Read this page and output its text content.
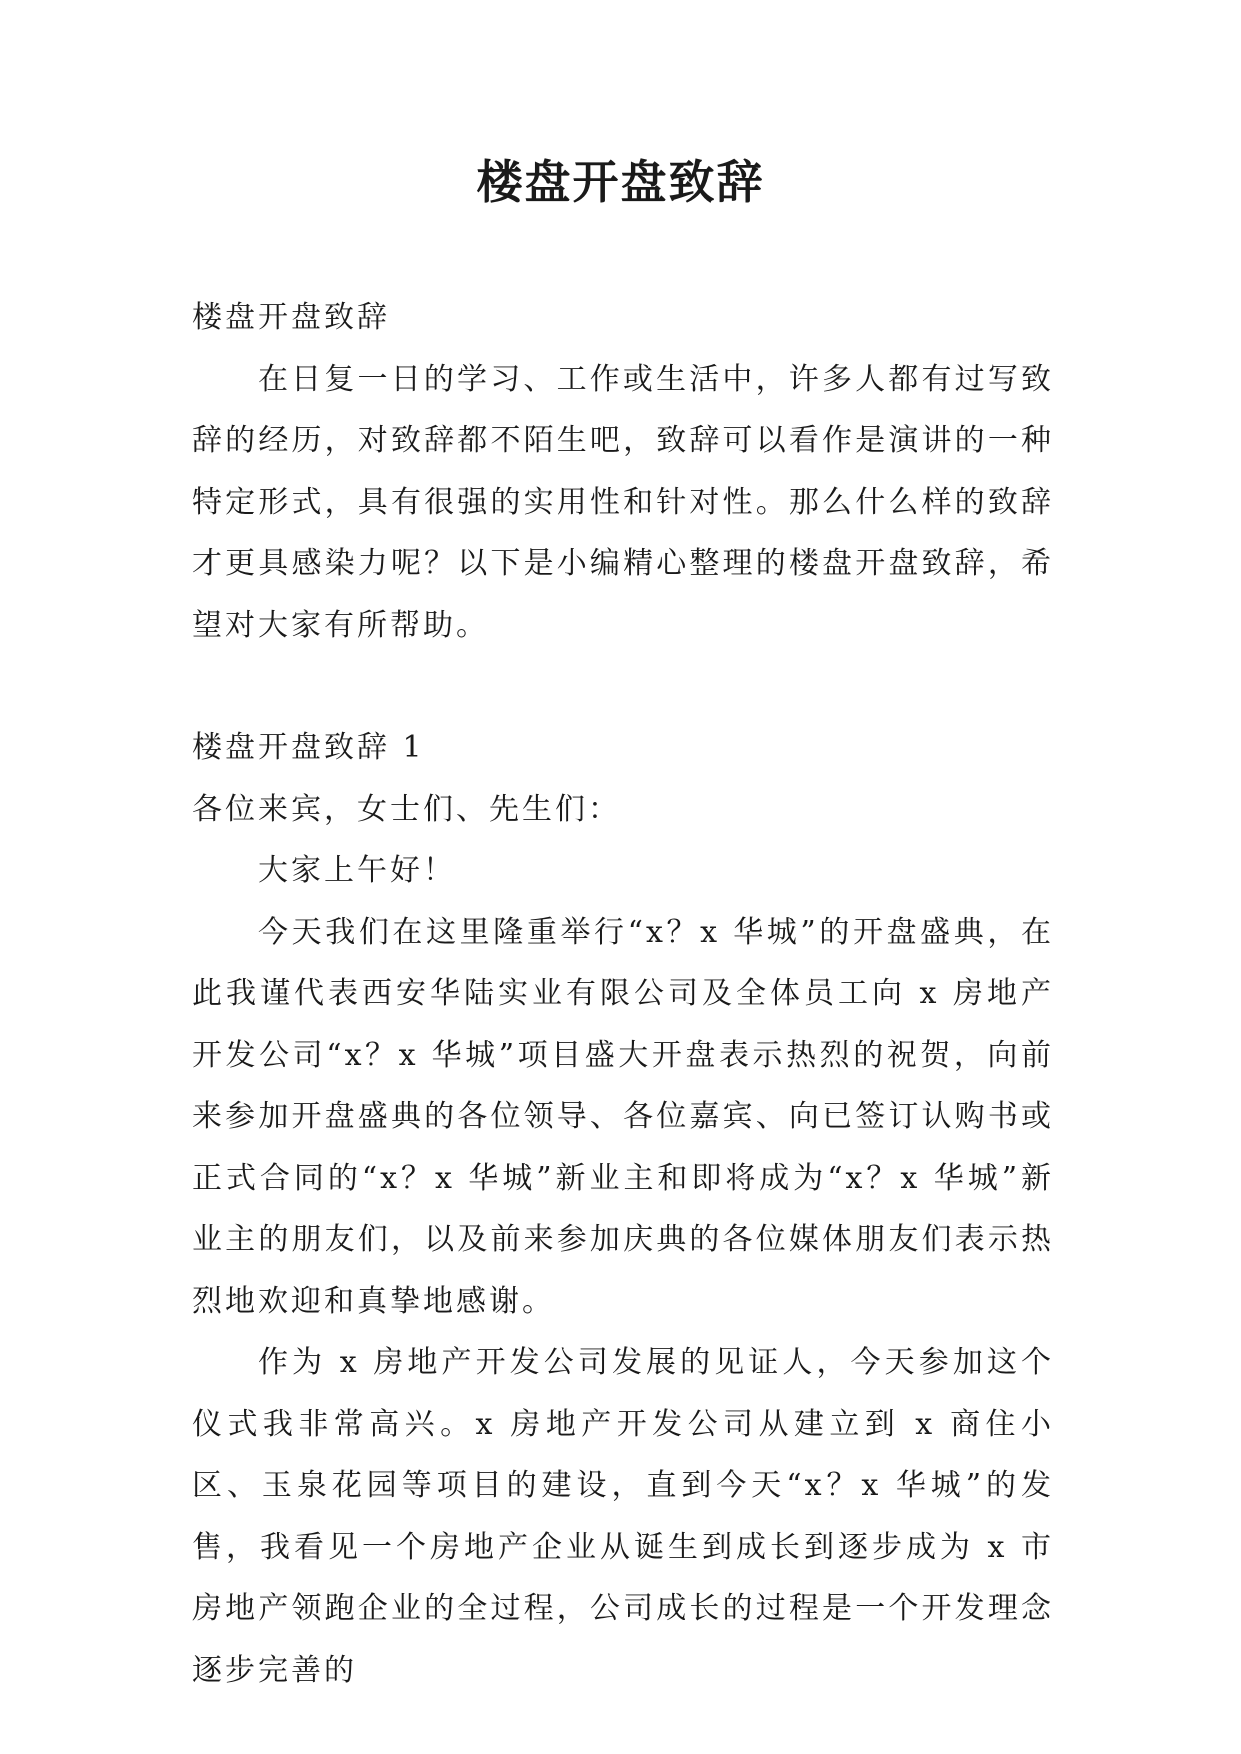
楼盘开盘致辞

楼盘开盘致辞

在日复一日的学习、工作或生活中，许多人都有过写致辞的经历，对致辞都不陌生吧，致辞可以看作是演讲的一种特定形式，具有很强的实用性和针对性。那么什么样的致辞才更具感染力呢？以下是小编精心整理的楼盘开盘致辞，希望对大家有所帮助。

楼盘开盘致辞 1

各位来宾，女士们、先生们：

大家上午好！

今天我们在这里隆重举行“x？x 华城”的开盘盛典，在此我谨代表西安华陆实业有限公司及全体员工向 x 房地产开发公司“x？x 华城”项目盛大开盘表示热烈的祝贺，向前来参加开盘盛典的各位领导、各位嘉宾、向已签订认购书或正式合同的“x？x 华城”新业主和即将成为“x？x 华城”新业主的朋友们，以及前来参加庆典的各位媒体朋友们表示热烈地欢迎和真挚地感谢。

作为 x 房地产开发公司发展的见证人，今天参加这个仪式我非常高兴。x 房地产开发公司从建立到 x 商住小区、玉泉花园等项目的建设，直到今天“x？x 华城”的发售，我看见一个房地产企业从诞生到成长到逐步成为 x 市房地产领跑企业的全过程，公司成长的过程是一个开发理念逐步完善的
